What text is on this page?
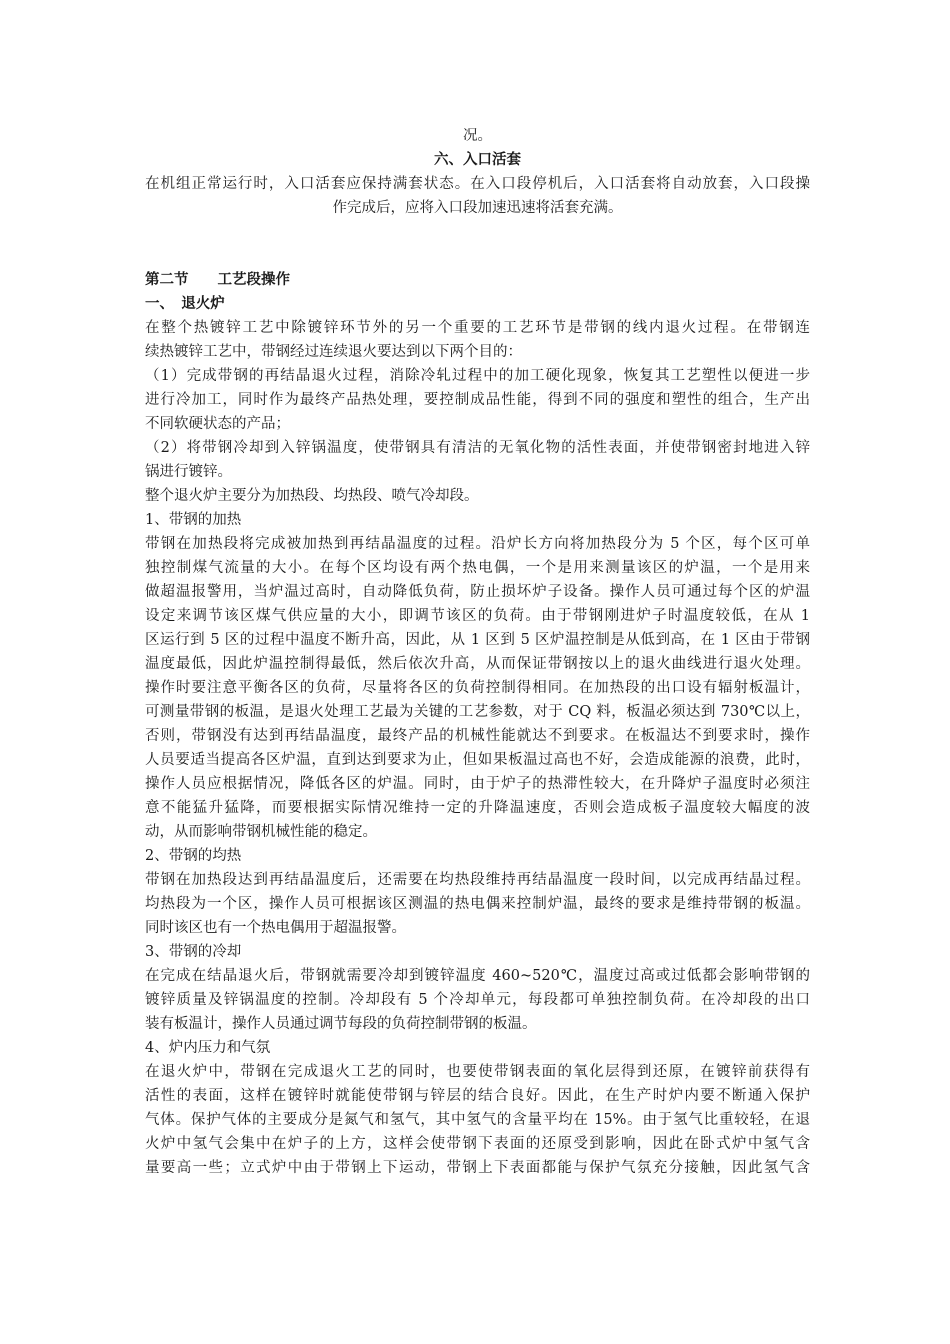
况。
六、入口活套
在机组正常运行时，入口活套应保持满套状态。在入口段停机后，入口活套将自动放套，入口段操
作完成后，应将入口段加速迅速将活套充满。
第二节　　工艺段操作
一、　退火炉
在整个热镀锌工艺中除镀锌环节外的另一个重要的工艺环节是带钢的线内退火过程。在带钢连
续热镀锌工艺中，带钢经过连续退火要达到以下两个目的：
（1）完成带钢的再结晶退火过程，消除冷轧过程中的加工硬化现象，恢复其工艺塑性以便进一步
进行冷加工，同时作为最终产品热处理，要控制成品性能，得到不同的强度和塑性的组合，生产出
不同软硬状态的产品；
（2）将带钢冷却到入锌锅温度，使带钢具有清洁的无氧化物的活性表面，并使带钢密封地进入锌
锅进行镀锌。
整个退火炉主要分为加热段、均热段、喷气冷却段。
1、带钢的加热
带钢在加热段将完成被加热到再结晶温度的过程。沿炉长方向将加热段分为 5 个区，每个区可单
独控制煤气流量的大小。在每个区均设有两个热电偶，一个是用来测量该区的炉温，一个是用来
做超温报警用，当炉温过高时，自动降低负荷，防止损坏炉子设备。操作人员可通过每个区的炉温
设定来调节该区煤气供应量的大小，即调节该区的负荷。由于带钢刚进炉子时温度较低，在从 1
区运行到 5 区的过程中温度不断升高，因此，从 1 区到 5 区炉温控制是从低到高，在 1 区由于带钢
温度最低，因此炉温控制得最低，然后依次升高，从而保证带钢按以上的退火曲线进行退火处理。
操作时要注意平衡各区的负荷，尽量将各区的负荷控制得相同。在加热段的出口设有辐射板温计，
可测量带钢的板温，是退火处理工艺最为关键的工艺参数，对于 CQ 料，板温必须达到 730℃以上，
否则，带钢没有达到再结晶温度，最终产品的机械性能就达不到要求。在板温达不到要求时，操作
人员要适当提高各区炉温，直到达到要求为止，但如果板温过高也不好，会造成能源的浪费，此时，
操作人员应根据情况，降低各区的炉温。同时，由于炉子的热滞性较大，在升降炉子温度时必须注
意不能猛升猛降，而要根据实际情况维持一定的升降温速度，否则会造成板子温度较大幅度的波
动，从而影响带钢机械性能的稳定。
2、带钢的均热
带钢在加热段达到再结晶温度后，还需要在均热段维持再结晶温度一段时间，以完成再结晶过程。
均热段为一个区，操作人员可根据该区测温的热电偶来控制炉温，最终的要求是维持带钢的板温。
同时该区也有一个热电偶用于超温报警。
3、带钢的冷却
在完成在结晶退火后，带钢就需要冷却到镀锌温度 460~520℃，温度过高或过低都会影响带钢的
镀锌质量及锌锅温度的控制。冷却段有 5 个冷却单元，每段都可单独控制负荷。在冷却段的出口
装有板温计，操作人员通过调节每段的负荷控制带钢的板温。
4、炉内压力和气氛
在退火炉中，带钢在完成退火工艺的同时，也要使带钢表面的氧化层得到还原，在镀锌前获得有
活性的表面，这样在镀锌时就能使带钢与锌层的结合良好。因此，在生产时炉内要不断通入保护
气体。保护气体的主要成分是氮气和氢气，其中氢气的含量平均在 15%。由于氢气比重较轻，在退
火炉中氢气会集中在炉子的上方，这样会使带钢下表面的还原受到影响，因此在卧式炉中氢气含
量要高一些；立式炉中由于带钢上下运动，带钢上下表面都能与保护气氛充分接触，因此氢气含
